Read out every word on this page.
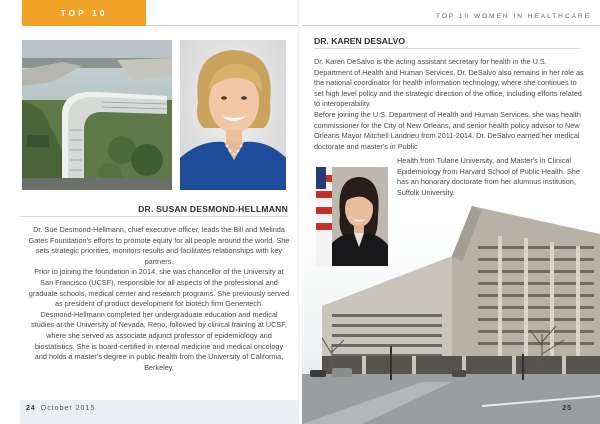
TOP 10
DR. SUSAN DESMOND-HELLMANN

Dr. Sue Desmond-Hellmann, chief executive officer, leads the Bill and Melinda Gates Foundation's efforts to promote equity for all people around the world. She sets strategic priorities, monitors results and facilitates relationships with key partners.

Prior to joining the foundation in 2014, she was chancellor of the University at San Francisco (UCSF), responsible for all aspects of the professional and graduate schools, medical center and research programs. She previously served as president of product development for biotech firm Genentech.

Desmond-Hellmann completed her undergraduate education and medical studies at the University of Nevada, Reno, followed by clinical training at UCSF, where she served as associate adjunct professor of epidemiology and biostatistics. She is board-certified in internal medicine and medical oncology and holds a master's degree in public health from the University of California, Berkeley.

24 October 2015
TOP 10 WOMEN IN HEALTHCARE
DR. KAREN DESALVO

Dr. Karen DeSalvo is the acting assistant secretary for health in the U.S. Department of Health and Human Services. Dr. DeSalvo also remains in her role as the national coordinator for health information technology, where she continues to set high level policy and the strategic direction of the office, including efforts related to interoperability.

Before joining the U.S. Department of Health and Human Services, she was health commissioner for the City of New Orleans, and senior health policy advisor to New Orleans Mayor Mitchell Landrieu from 2011-2014. Dr. DeSalvo earned her medical doctorate and master's in Public

Health from Tulane University, and Master's in Clinical Epidemiology from Harvard School of Public Health. She has an honorary doctorate from her alumnus institution, Suffolk University.
25
